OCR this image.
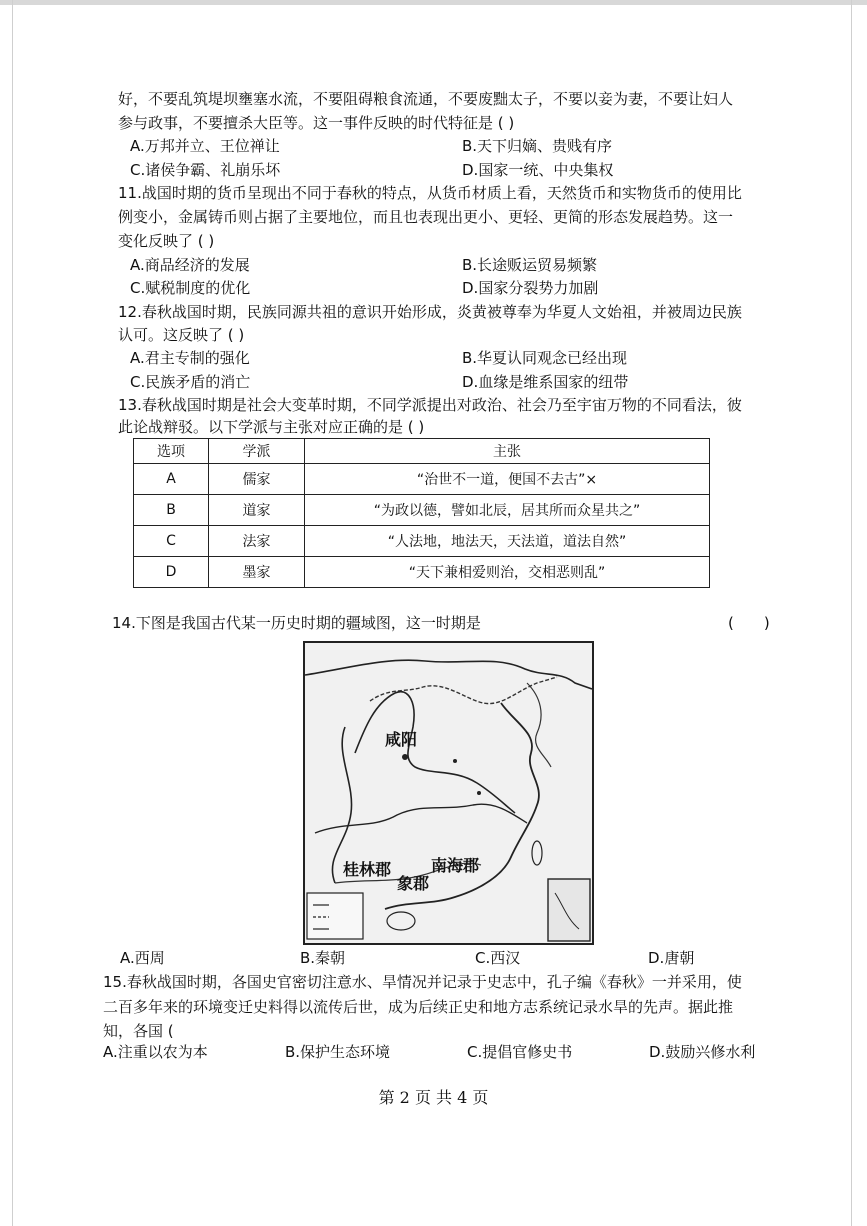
好，不要乱筑堤坝壅塞水流，不要阻碍粮食流通，不要废黜太子，不要以妾为妻，不要让妇人
参与政事，不要擅杀大臣等。这一事件反映的时代特征是 ( )
A.万邦并立、王位禅让	B.天下归嫡、贵贱有序
C.诸侯争霸、礼崩乐坏	D.国家一统、中央集权
11.战国时期的货币呈现出不同于春秋的特点，从货币材质上看，天然货币和实物货币的使用比
例变小，金属铸币则占据了主要地位，而且也表现出更小、更轻、更简的形态发展趋势。这一
变化反映了 ( )
A.商品经济的发展	B.长途贩运贸易频繁
C.赋税制度的优化	D.国家分裂势力加剧
12.春秋战国时期，民族同源共祖的意识开始形成，炎黄被尊奉为华夏人文始祖，并被周边民族
认可。这反映了 ( )
A.君主专制的强化	B.华夏认同观念已经出现
C.民族矛盾的消亡	D.血缘是维系国家的纽带
13.春秋战国时期是社会大变革时期，不同学派提出对政治、社会乃至宇宙万物的不同看法，彼
此论战辩驳。以下学派与主张对应正确的是 ( )
选项	学派	主张
A	儒家	“治世不一道，便国不去古”×
B	道家	“为政以德，譬如北辰，居其所而众星共之”
C	法家	“人法地，地法天，天法道，道法自然”
D	墨家	“天下兼相爱则治，交相恶则乱”
14.下图是我国古代某一历史时期的疆域图，这一时期是	(　　)
咸阳
桂林郡 南海郡
象郡
A.西周	B.秦朝	C.西汉	D.唐朝
15.春秋战国时期，各国史官密切注意水、旱情况并记录于史志中，孔子编《春秋》一并采用，使
二百多年来的环境变迁史料得以流传后世，成为后续正史和地方志系统记录水旱的先声。据此推
知，各国 (
A.注重以农为本	B.保护生态环境	C.提倡官修史书	D.鼓励兴修水利
第 2 页 共 4 页
